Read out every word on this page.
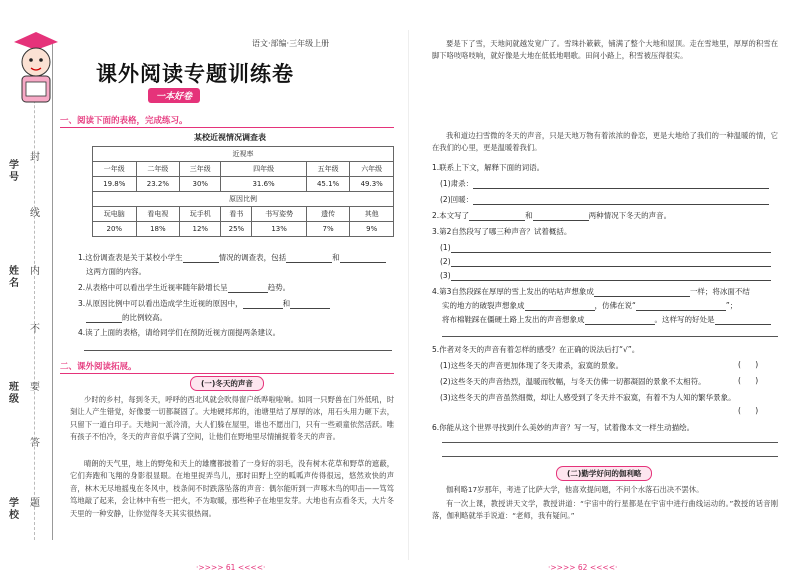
封
线
内
不
要
答
题
学号
姓名
班级
学校
课外阅读专题训练卷
一本好卷
语文·部编·三年级上册
一、阅读下面的表格，完成练习。
某校近视情况调查表
近视率						
一年级	二年级	三年级	四年级		五年级	六年级
19.8%	23.2%	30%	31.6%		45.1%	49.3%
原因比例						
玩电脑	看电视	玩手机	看书	书写姿势	遗传	其他
20%	18%	12%	25%	13%	7%	9%
1.这份调查表是关于某校小学生	情况的调查表，包括	和
这两方面的内容。
2.从表格中可以看出学生近视率随年龄增长呈	趋势。
3.从原因比例中可以看出造成学生近视的原因中，	和
的比例较高。
4.读了上面的表格，请给同学们在预防近视方面提两条建议。
二、课外阅读拓展。
(一)冬天的声音
少时的乡村，每到冬天，呼呼的西北风就会吹得窗户纸哗啦啦响。如同一只野兽在门外低吼，时刻让人产生错觉，好像要一切都凝固了。大地硬邦邦的，池塘里结了厚厚的冰，用石头用力砸下去，只留下一道白印子。天地间一派冷清，大人们躲在屋里，谁也不愿出门，只有一些顽童依然活跃。唯有孩子不怕冷，冬天的声音似乎满了空间，让他们在野地里尽情捕捉着冬天的声音。
晴朗的天气里，地上的野兔和天上的雄鹰都披着了一身好的羽毛，没有树木花草和野草的遮蔽，它们奔跑和飞翔的身影很显眼。在地里捉弄鸟儿，那时田野上空的呱呱声传得很远，悠然欢快的声音，林木无尽地摇曳在冬风中，枝条间不时跌落坠落的声音：偶尔能听到一声啄木鸟的叩击——笃笃笃地敲了起来，会让林中有些一把火，不为取暖，那些种子在地里发芽。大地也有点看冬天，大片冬天里的一种安静，让你觉得冬天其实很热闹。
·>>>> 61 <<<<·
要是下了雪，天地间就越发宽广了。雪珠扑簌簌，铺满了整个大地和屋顶。走在雪地里，厚厚的积雪在脚下咯吱咯吱响，就好像是大地在低低地唱歌。田间小路上，积雪被压得很实。
我和道边扫雪微的冬天的声音，只是天地万物有着浓浓的眷恋，更是大地给了我们的一种温暖的情，它在我们的心里，更是温暖着我们。
1.联系上下文，解释下面的词语。
(1)肃杀：
(2)回暖：
2.本文写了	和	两种情况下冬天的声音。
3.第2自然段写了哪三种声音？试着概括。
(1)
(2)
(3)
4.第3自然段踩在厚厚的雪上发出的咕咕声想象成	一样；将冰面不结
实的地方的破裂声想象成	，仿佛在说“	”；
将布棉鞋踩在僵硬土路上发出的声音想象成	。这样写的好处是
5.作者对冬天的声音有着怎样的感受？在正确的说法后打“√”。
(1)这些冬天的声音更加体现了冬天肃杀，寂寞的景象。	(      )
(2)这些冬天的声音热烈，温暖而牧幅，与冬天仿佛一切都凝固的景象不太相符。	(      )
(3)这些冬天的声音虽然细微，却让人感受到了冬天并不寂寞，有着不为人知的繁华景象。
(      )
6.你能从这个世界寻找到什么美妙的声音？写一写，试着像本文一样生动描绘。
(二)勤学好问的伽利略
伽利略17岁那年，考进了比萨大学，他喜欢提问题，不问个水落石出决不罢休。
有一次上课，教授讲天文学，教授讲道：“宇宙中的行星都是在宇宙中进行曲线运动的。”教授的话音刚落，伽利略就举手说道：“老师，我有疑问。”
·>>>> 62 <<<<·
